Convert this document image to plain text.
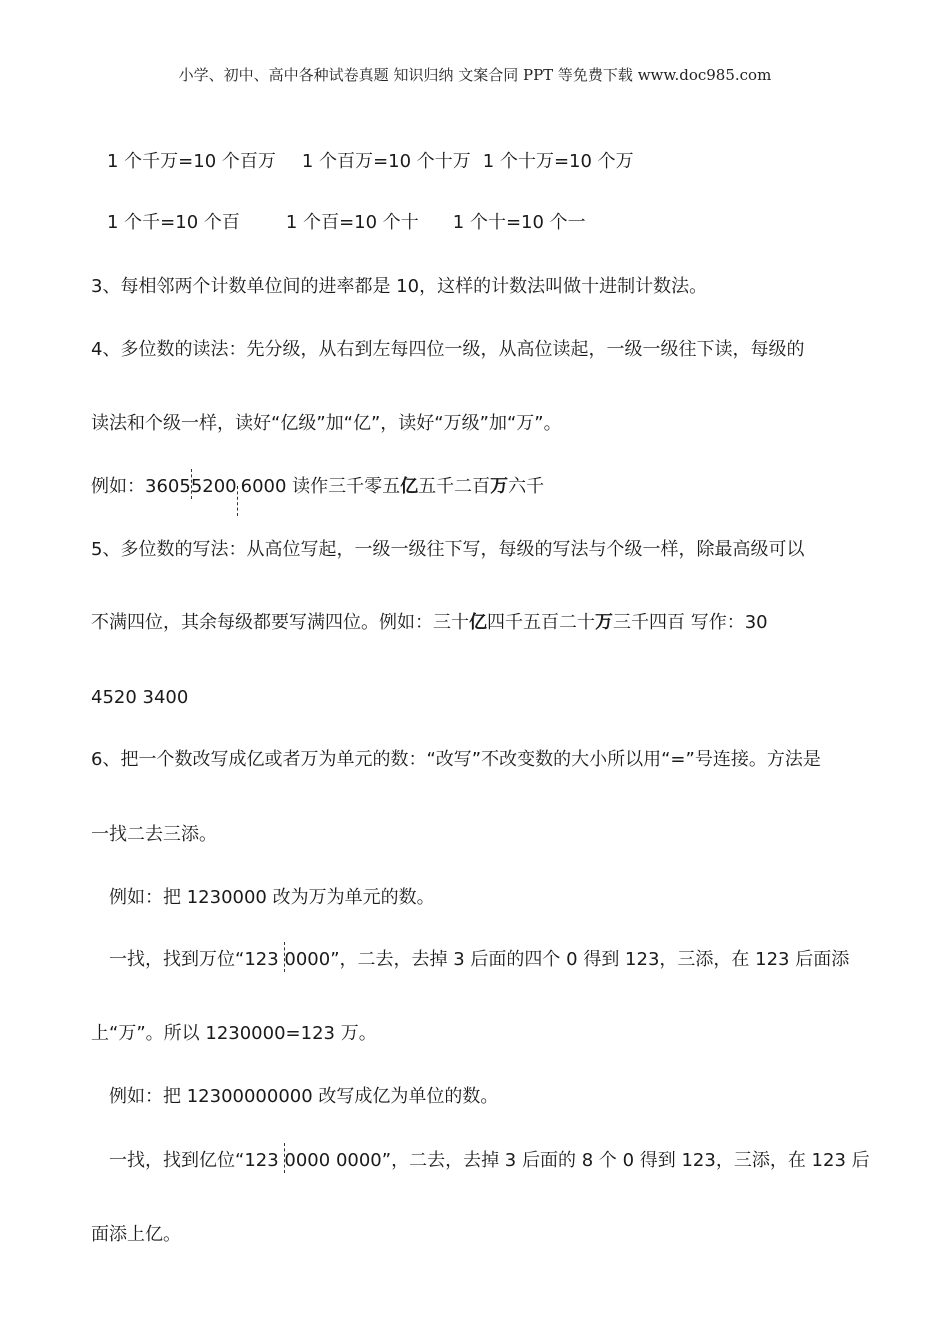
小学、初中、高中各种试卷真题 知识归纳 文案合同 PPT 等免费下载 www.doc985.com
1 个千万=10 个百万 1 个百万=10 个十万 1 个十万=10 个万
1 个千=10 个百	1 个百=10 个十 1 个十=10 个一
3、每相邻两个计数单位间的进率都是 10，这样的计数法叫做十进制计数法。
4、多位数的读法：先分级，从右到左每四位一级，从高位读起，一级一级往下读，每级的
读法和个级一样，读好“亿级”加“亿”，读好“万级”加“万”。
例如：36055200 6000 读作三千零五亿五千二百万六千
5、多位数的写法：从高位写起，一级一级往下写，每级的写法与个级一样，除最高级可以
不满四位，其余每级都要写满四位。例如：三十亿四千五百二十万三千四百 写作：30
4520 3400
6、把一个数改写成亿或者万为单元的数：“改写”不改变数的大小所以用“=”号连接。方法是
一找二去三添。
例如：把 1230000 改为万为单元的数。
一找，找到万位“123 0000”，二去，去掉 3 后面的四个 0 得到 123，三添，在 123 后面添
上“万”。所以 1230000=123 万。
例如：把 12300000000 改写成亿为单位的数。
一找，找到亿位“123 0000 0000”，二去，去掉 3 后面的 8 个 0 得到 123，三添，在 123 后
面添上亿。
